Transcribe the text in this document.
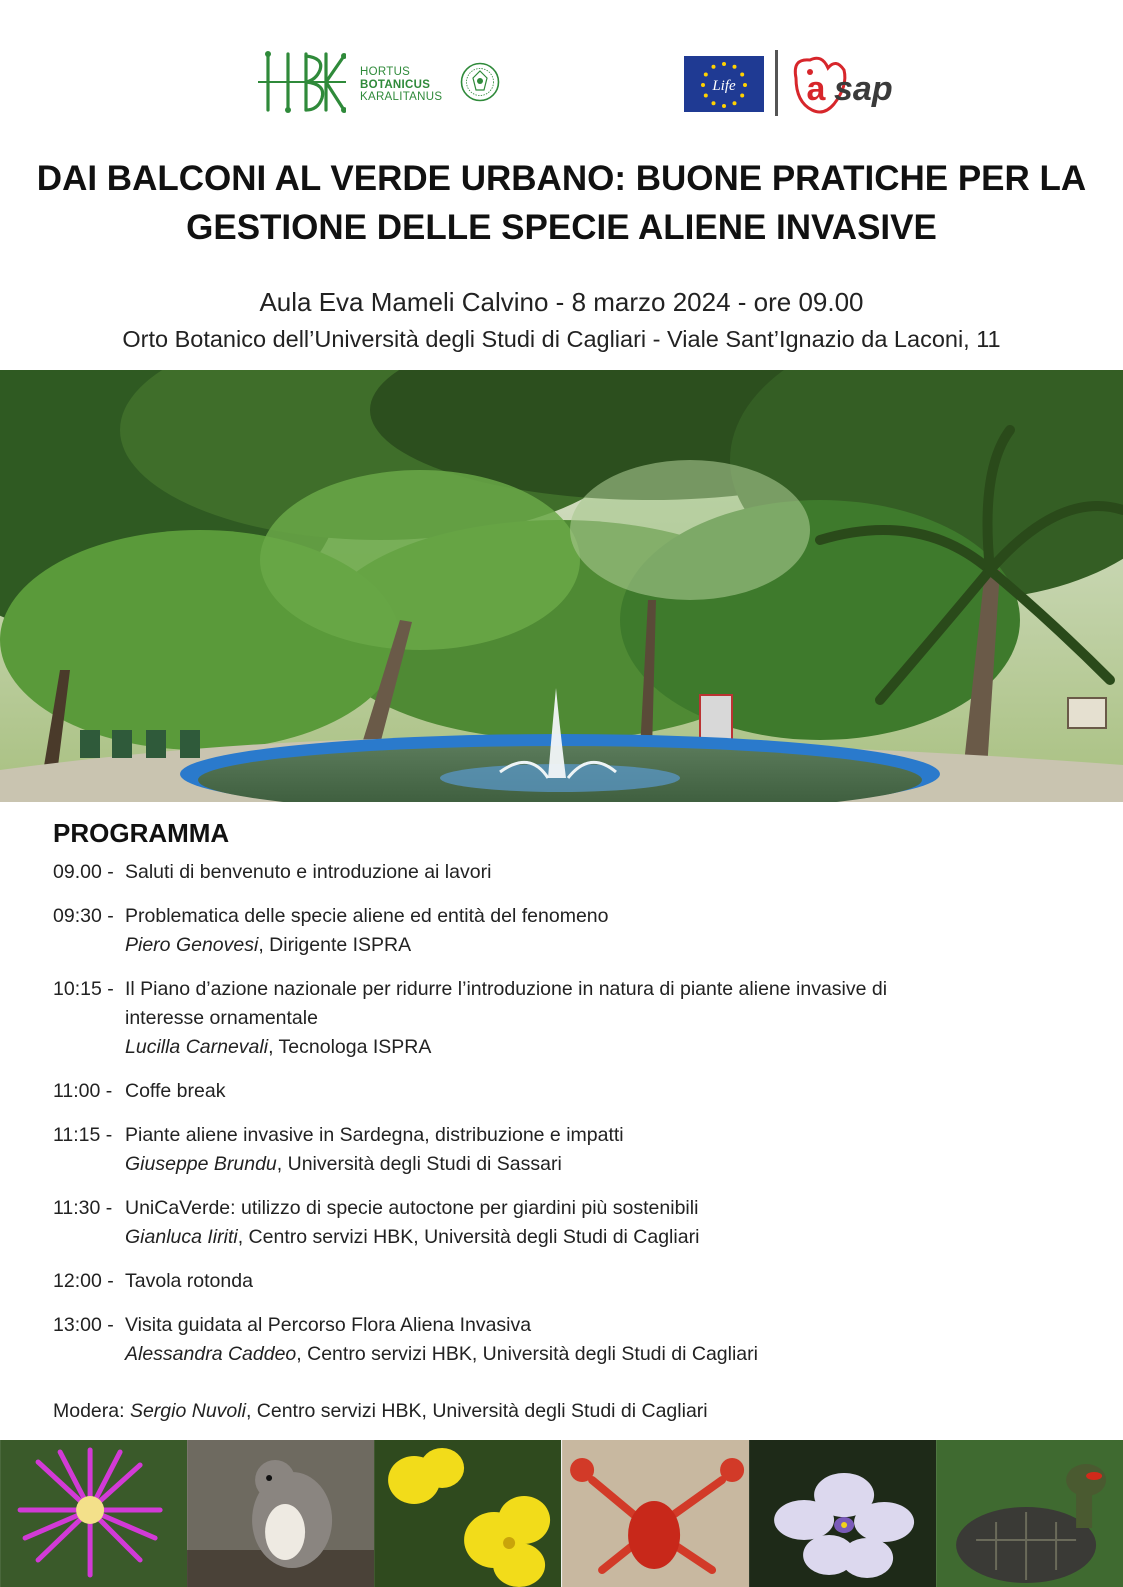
HORTUS
BOTANICUS
KARALITANUS
Life a sap
DAI BALCONI AL VERDE URBANO: BUONE PRATICHE PER LA
GESTIONE DELLE SPECIE ALIENE INVASIVE
Aula Eva Mameli Calvino - 8 marzo 2024 - ore 09.00
Orto Botanico dell’Università degli Studi di Cagliari - Viale Sant’Ignazio da Laconi, 11
PROGRAMMA
09.00 - Saluti di benvenuto e introduzione ai lavori
09:30 - Problematica delle specie aliene ed entità del fenomeno
Piero Genovesi, Dirigente ISPRA
10:15 - Il Piano d’azione nazionale per ridurre l’introduzione in natura di piante aliene invasive di
interesse ornamentale
Lucilla Carnevali, Tecnologa ISPRA
11:00 - Coffe break
11:15 - Piante aliene invasive in Sardegna, distribuzione e impatti
Giuseppe Brundu, Università degli Studi di Sassari
11:30 - UniCaVerde: utilizzo di specie autoctone per giardini più sostenibili
Gianluca Iiriti, Centro servizi HBK, Università degli Studi di Cagliari
12:00 - Tavola rotonda
13:00 - Visita guidata al Percorso Flora Aliena Invasiva
Alessandra Caddeo, Centro servizi HBK, Università degli Studi di Cagliari
Modera: Sergio Nuvoli, Centro servizi HBK, Università degli Studi di Cagliari
